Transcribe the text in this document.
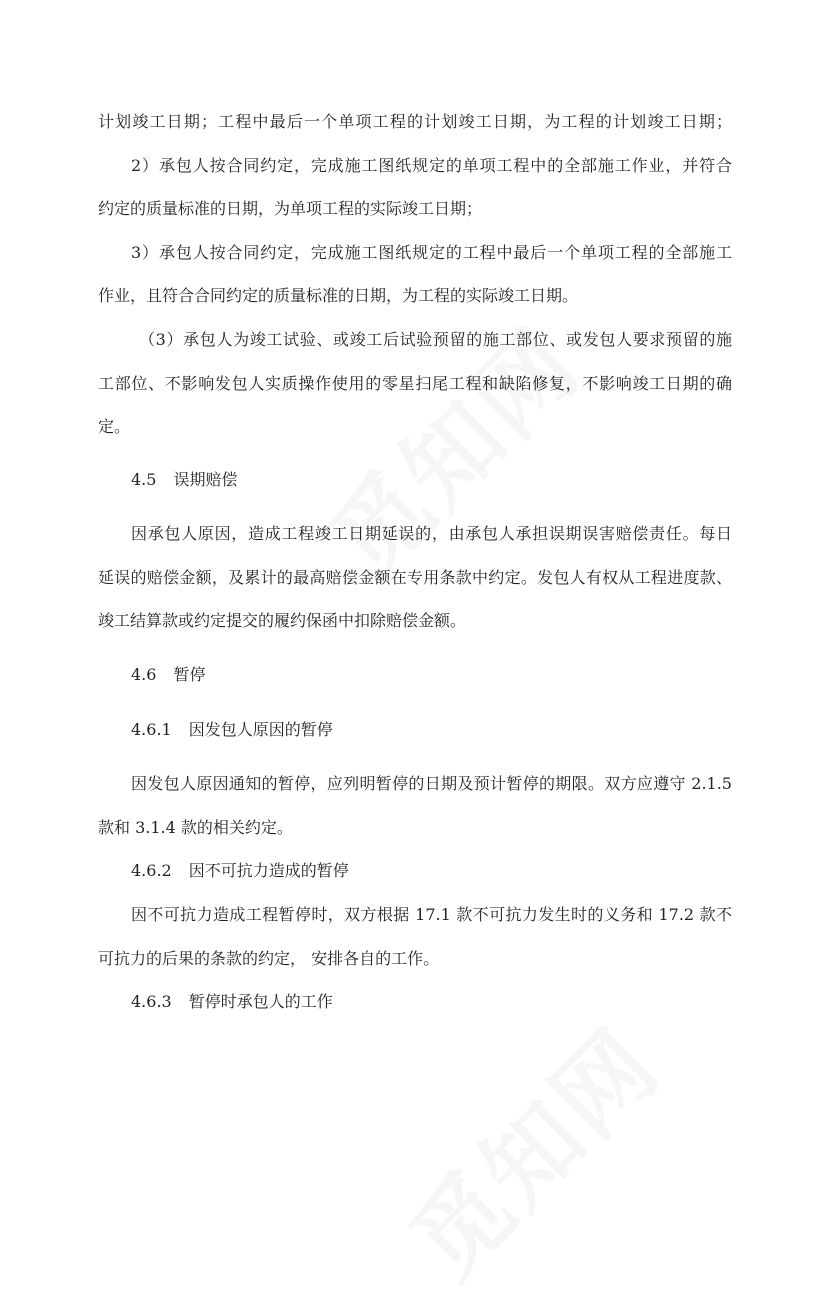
计划竣工日期；工程中最后一个单项工程的计划竣工日期，为工程的计划竣工日期；
2）承包人按合同约定，完成施工图纸规定的单项工程中的全部施工作业，并符合
约定的质量标准的日期，为单项工程的实际竣工日期；
3）承包人按合同约定，完成施工图纸规定的工程中最后一个单项工程的全部施工
作业，且符合合同约定的质量标准的日期，为工程的实际竣工日期。
（3）承包人为竣工试验、或竣工后试验预留的施工部位、或发包人要求预留的施
工部位、不影响发包人实质操作使用的零星扫尾工程和缺陷修复，不影响竣工日期的确
定。
4.5 误期赔偿
因承包人原因，造成工程竣工日期延误的，由承包人承担误期误害赔偿责任。每日
延误的赔偿金额，及累计的最高赔偿金额在专用条款中约定。发包人有权从工程进度款、
竣工结算款或约定提交的履约保函中扣除赔偿金额。
4.6 暂停
4.6.1 因发包人原因的暂停
因发包人原因通知的暂停，应列明暂停的日期及预计暂停的期限。双方应遵守 2.1.5
款和 3.1.4 款的相关约定。
4.6.2 因不可抗力造成的暂停
因不可抗力造成工程暂停时，双方根据 17.1 款不可抗力发生时的义务和 17.2 款不
可抗力的后果的条款的约定， 安排各自的工作。
4.6.3 暂停时承包人的工作
